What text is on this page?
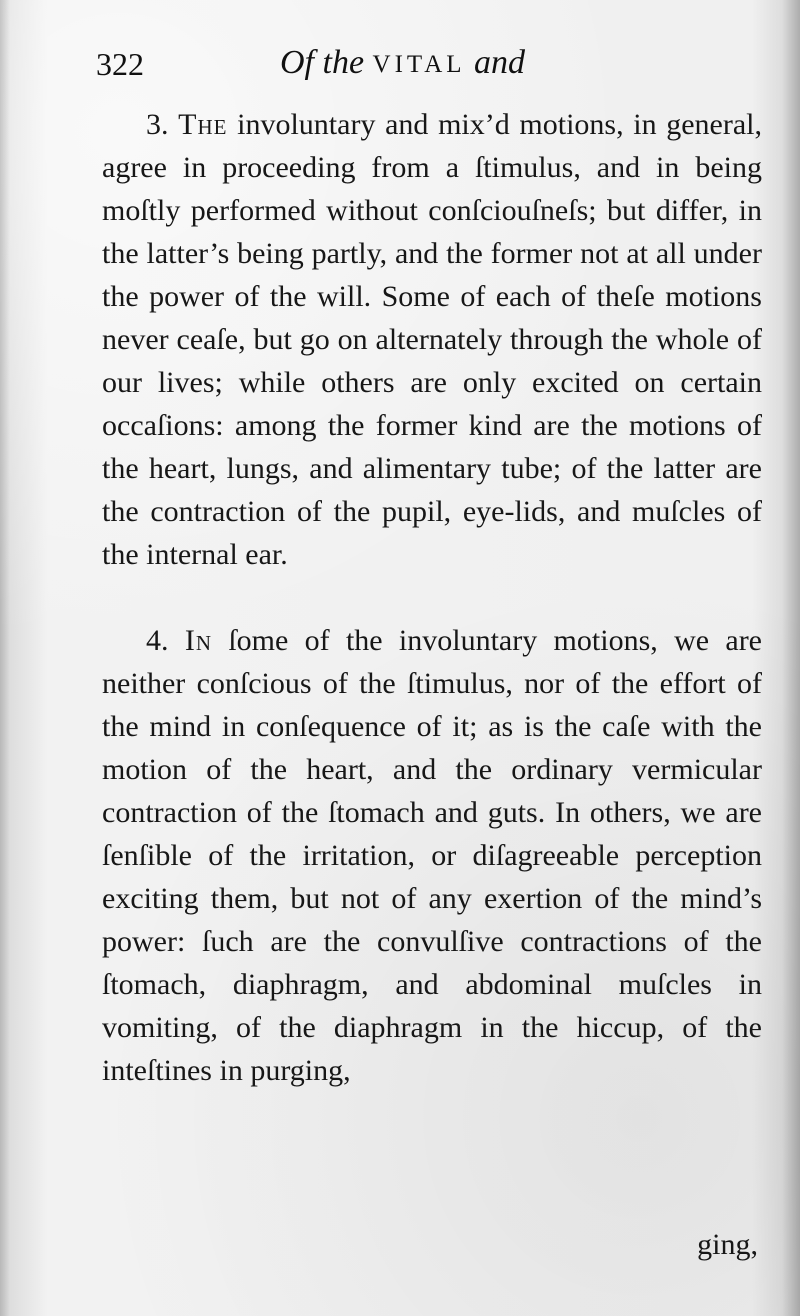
322	Of the VITAL and

3. The involuntary and mix’d motions, in general, agree in proceeding from a ſtimulus, and in being moſtly performed without conſciouſneſs; but differ, in the latter’s being partly, and the former not at all under the power of the will. Some of each of theſe motions never ceaſe, but go on alternately through the whole of our lives; while others are only excited on certain occaſions: among the former kind are the motions of the heart, lungs, and alimentary tube; of the latter are the contraction of the pupil, eye-lids, and muſcles of the internal ear.

4. In ſome of the involuntary motions, we are neither conſcious of the ſtimulus, nor of the effort of the mind in conſequence of it; as is the caſe with the motion of the heart, and the ordinary vermicular contraction of the ſtomach and guts. In others, we are ſenſible of the irritation, or diſagreeable perception exciting them, but not of any exertion of the mind’s power: ſuch are the convulſive contractions of the ſtomach, diaphragm, and abdominal muſcles in vomiting, of the diaphragm in the hiccup, of the inteſtines in purging,

ging,
